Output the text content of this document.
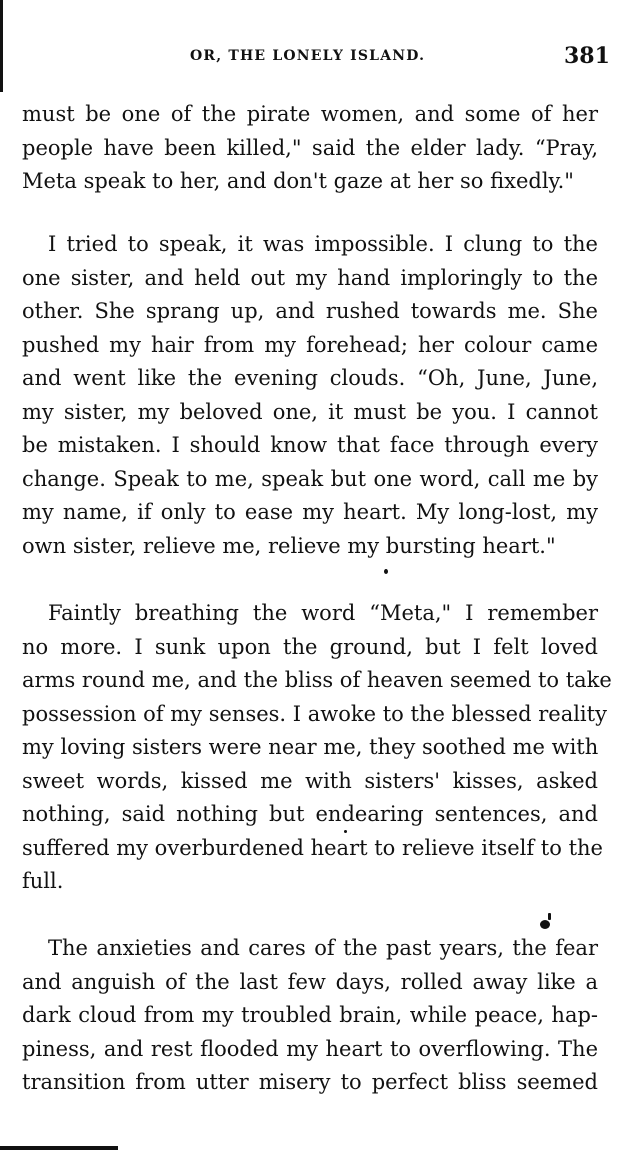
OR, THE LONELY ISLAND.	381
must be one of the pirate women, and some of her
people have been killed," said the elder lady. “Pray,
Meta speak to her, and don't gaze at her so fixedly."
I tried to speak, it was impossible. I clung to the
one sister, and held out my hand imploringly to the
other. She sprang up, and rushed towards me. She
pushed my hair from my forehead; her colour came
and went like the evening clouds. “Oh, June, June,
my sister, my beloved one, it must be you. I cannot
be mistaken. I should know that face through every
change. Speak to me, speak but one word, call me by
my name, if only to ease my heart. My long-lost, my
own sister, relieve me, relieve my bursting heart."
Faintly breathing the word “Meta," I remember
no more. I sunk upon the ground, but I felt loved
arms round me, and the bliss of heaven seemed to take
possession of my senses. I awoke to the blessed reality
my loving sisters were near me, they soothed me with
sweet words, kissed me with sisters' kisses, asked
nothing, said nothing but endearing sentences, and
suffered my overburdened heart to relieve itself to the
full.
The anxieties and cares of the past years, the fear
and anguish of the last few days, rolled away like a
dark cloud from my troubled brain, while peace, hap-
piness, and rest flooded my heart to overflowing. The
transition from utter misery to perfect bliss seemed
